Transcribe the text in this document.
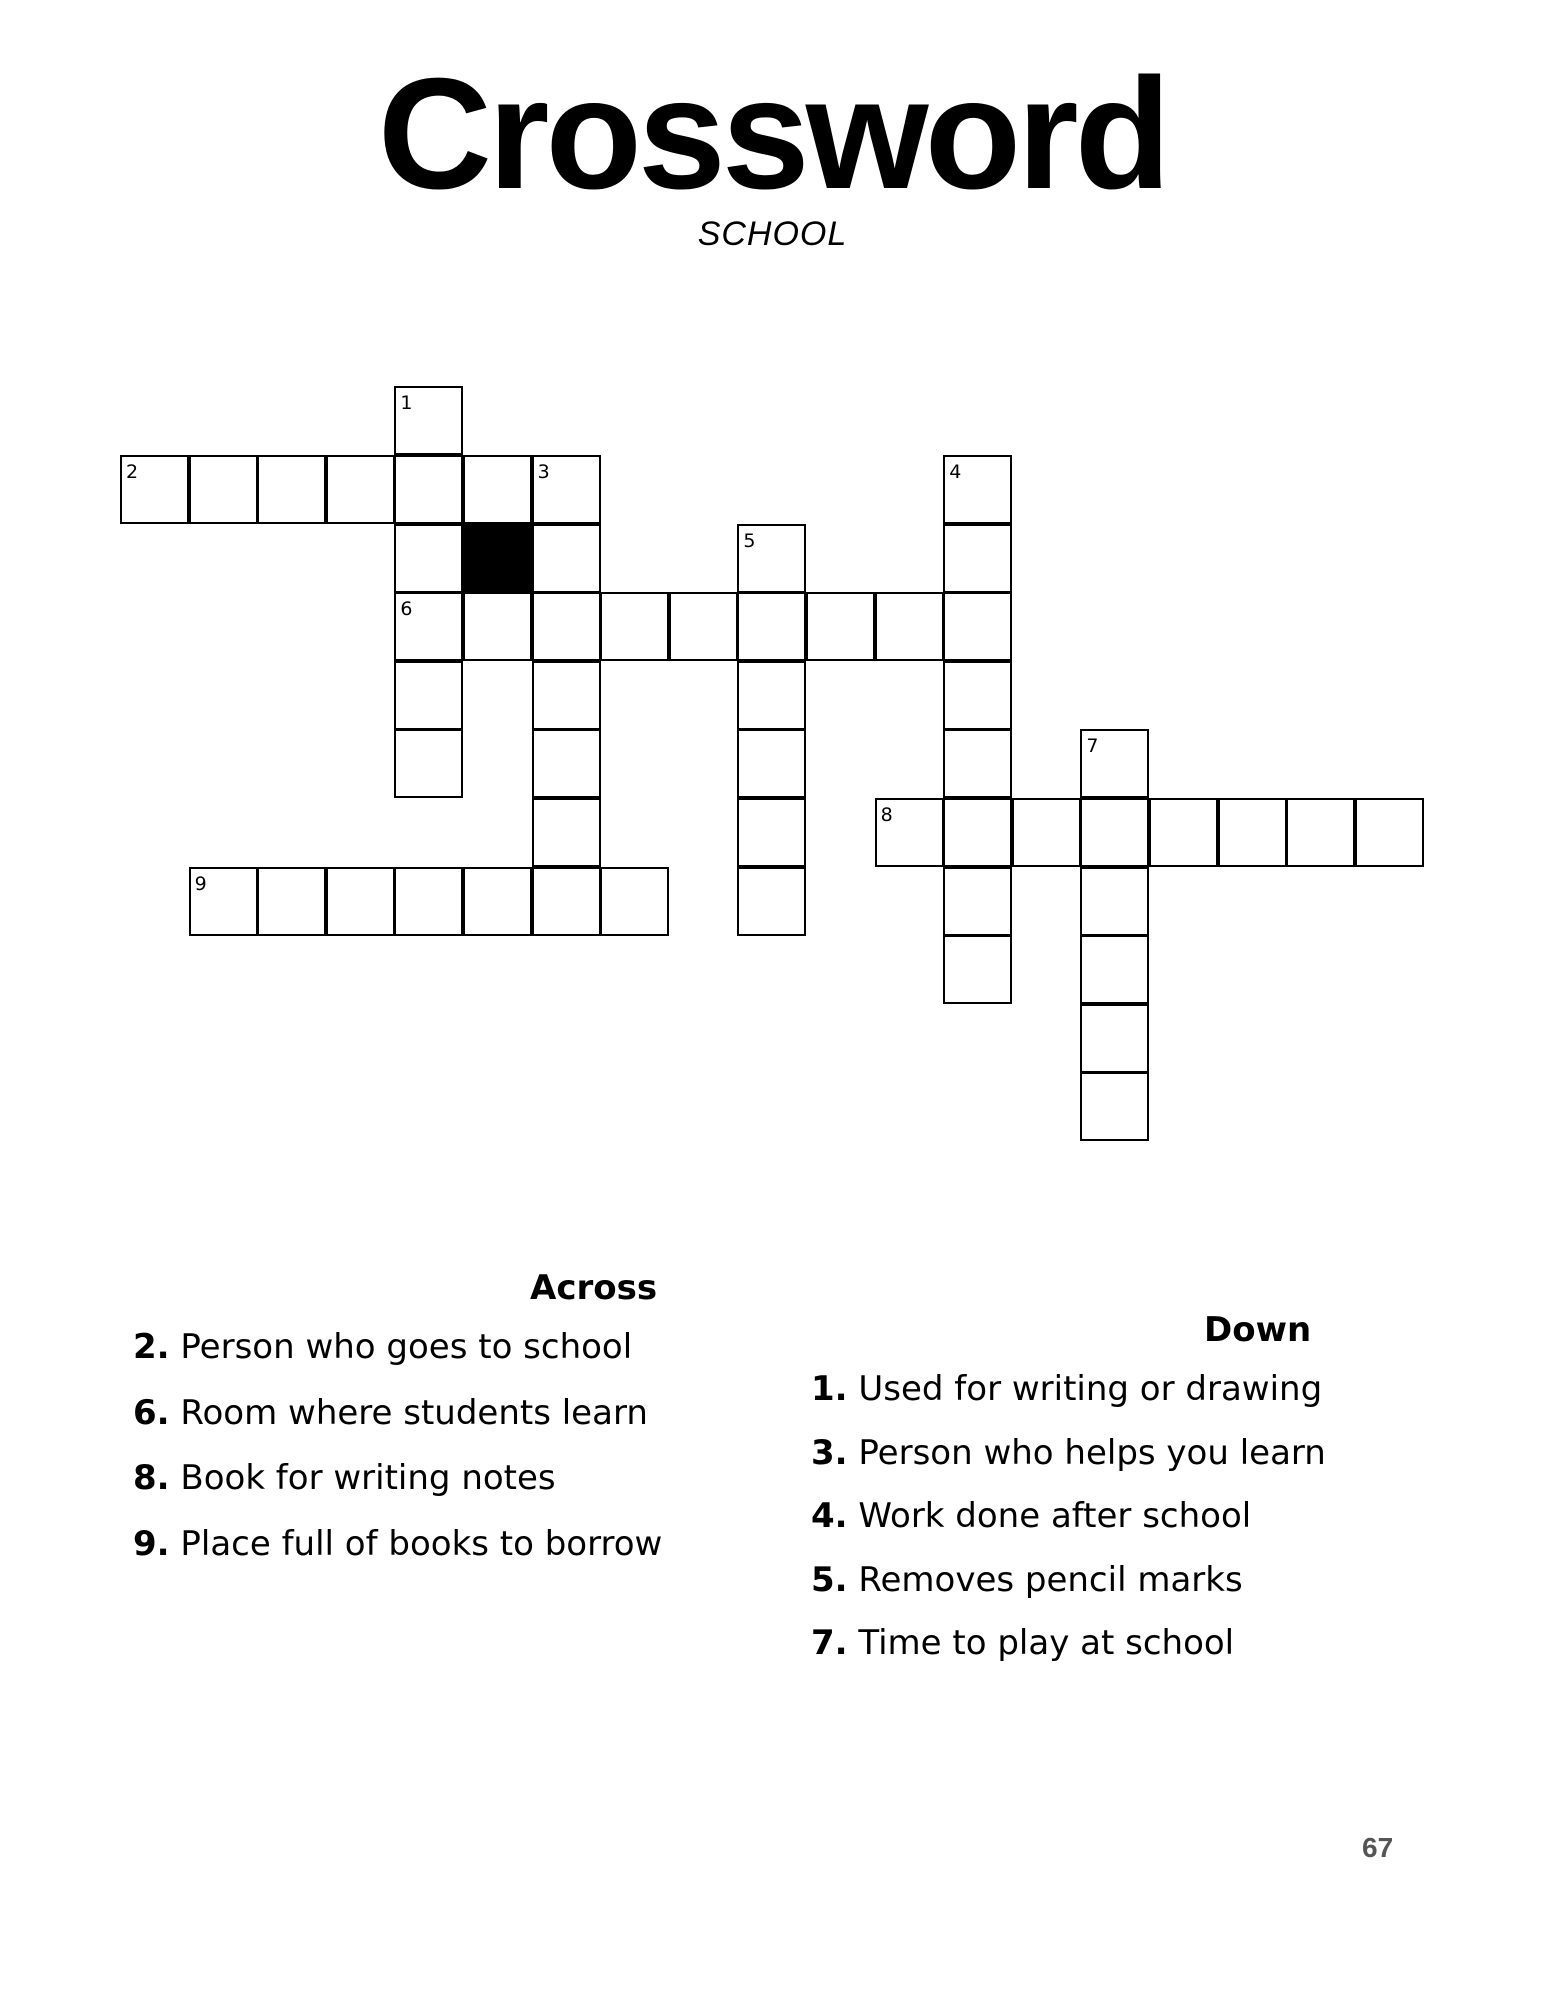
Crossword
SCHOOL
1
6
2	3	4
5
7
8
9
Across
2. Person who goes to school
6. Room where students learn
8. Book for writing notes
9. Place full of books to borrow
Down
1. Used for writing or drawing
3. Person who helps you learn
4. Work done after school
5. Removes pencil marks
7. Time to play at school
67
